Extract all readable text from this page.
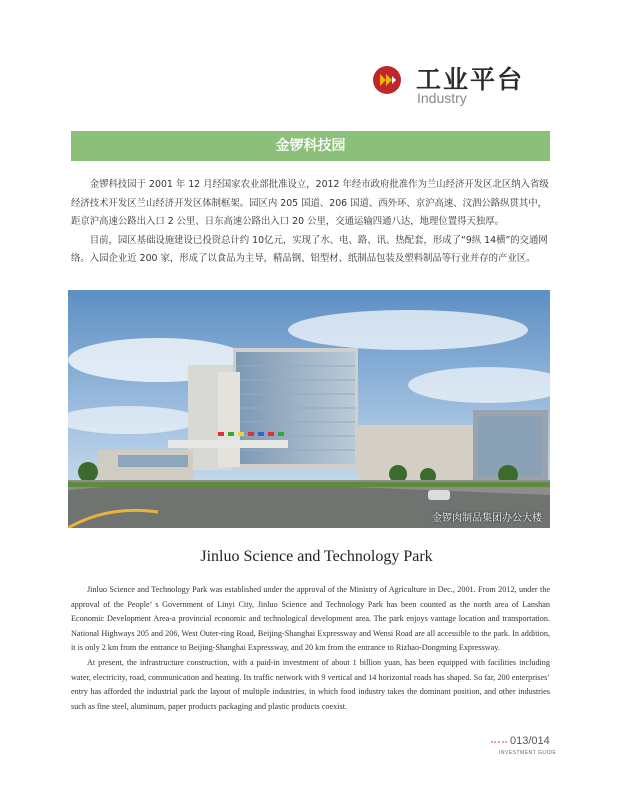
工业平台
Industry
金锣科技园

金锣科技园于 2001 年 12 月经国家农业部批准设立，2012 年经市政府批准作为兰山经济开发区北区纳入省级经济技术开发区兰山经济开发区体制框架。园区内 205 国道、206 国道、西外环、京沪高速、汶泗公路纵贯其中，距京沪高速公路出入口 2 公里、日东高速公路出入口 20 公里，交通运输四通八达，地理位置得天独厚。

目前，园区基础设施建设已投资总计约 10亿元，实现了水、电、路、讯、热配套，形成了“9纵 14横”的交通网络。入园企业近 200 家，形成了以食品为主导，精品钢、铝型材、纸制品包装及塑料制品等行业并存的产业区。

金锣肉制品集团办公大楼
Jinluo Science and Technology Park

Jinluo Science and Technology Park was established under the approval of the Ministry of Agriculture in Dec., 2001. From 2012, under the approval of the People’ s Government of Linyi City, Jinluo Science and Technology Park has been counted as the north area of Lanshan Economic Development Area-a provincial economic and technological development area. The park enjoys vantage location and transportation. National Highways 205 and 206, West Outer-ring Road, Beijing-Shanghai Expressway and Wensi Road are all accessible to the park. In addition, it is only 2 km from the entrance to Beijing-Shanghai Expressway, and 20 km from the entrance to Rizhao-Dongming Expressway.

At present, the infrastructure construction, with a paid-in investment of about 1 billion yuan, has been equipped with facilities including water, electricity, road, communication and heating. Its traffic network with 9 vertical and 14 horizontal roads has shaped. So far, 200 enterprises’ entry has afforded the industrial park the layout of multiple industries, in which food industry takes the dominant position, and other industries such as fine steel, aluminum, paper products packaging and plastic products coexist.

013/014
INVESTMENT GUIDE
